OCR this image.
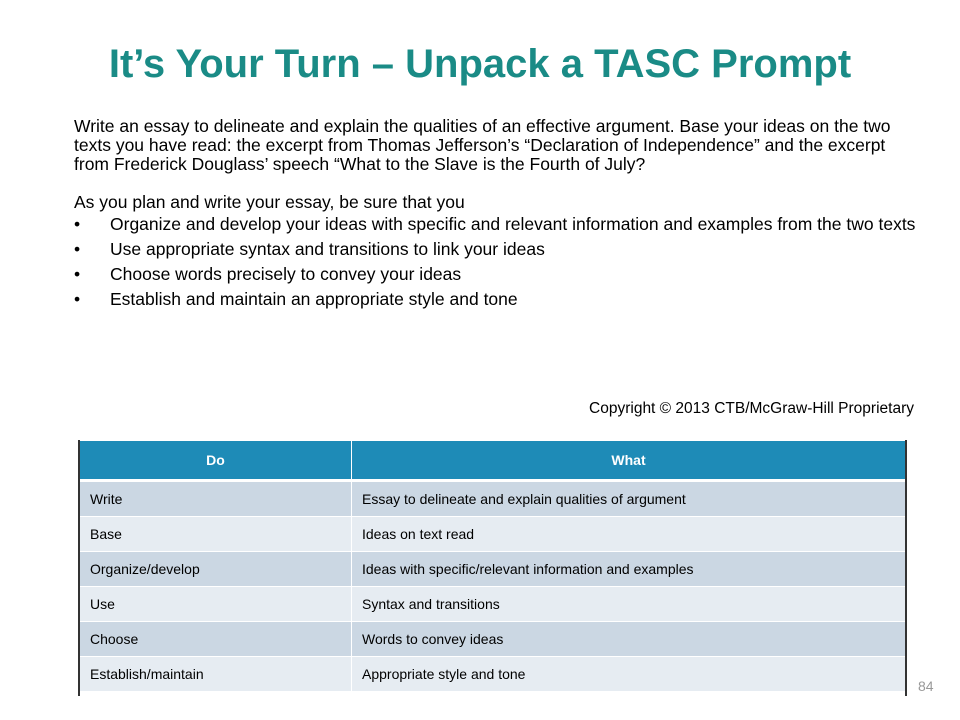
It’s Your Turn – Unpack a TASC Prompt

Write an essay to delineate and explain the qualities of an effective argument. Base your ideas on the two texts you have read: the excerpt from Thomas Jefferson’s “Declaration of Independence” and the excerpt from Frederick Douglass’ speech “What to the Slave is the Fourth of July?

As you plan and write your essay, be sure that you

• Organize and develop your ideas with specific and relevant information and examples from the two texts
• Use appropriate syntax and transitions to link your ideas
• Choose words precisely to convey your ideas
• Establish and maintain an appropriate style and tone
Copyright © 2013 CTB/McGraw-Hill Proprietary
Do	What
Write	Essay to delineate and explain qualities of argument
Base	Ideas on text read
Organize/develop	Ideas with specific/relevant information and examples
Use	Syntax and transitions
Choose	Words to convey ideas
Establish/maintain	Appropriate style and tone
84
